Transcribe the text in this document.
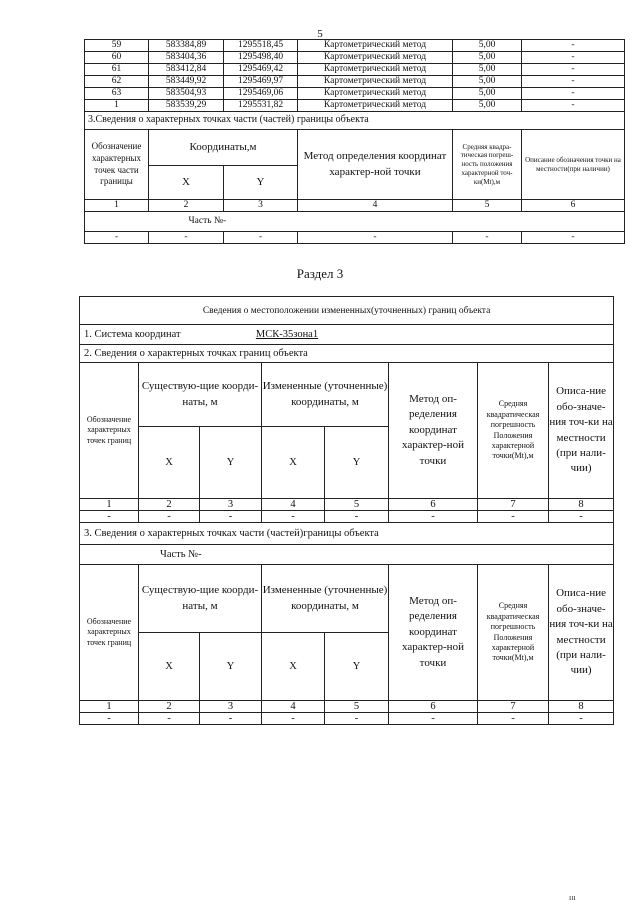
5
59	583384,89	1295518,45	Картометрический метод	5,00	-
60	583404,36	1295498,40	Картометрический метод	5,00	-
61	583412,84	1295469,42	Картометрический метод	5,00	-
62	583449,92	1295469,97	Картометрический метод	5,00	-
63	583504,93	1295469,06	Картометрический метод	5,00	-
1	583539,29	1295531,82	Картометрический метод	5,00	-
3.Сведения о характерных точках части (частей) границы объекта					
Обозначение характерных точек части границы	Координаты,м		Метод определения координат характер-ной точки	Средняя квадра-тическая погреш-ность положения характерной точ-ки(Мt),м	Описание обозначения точки на местности(при наличии)
	X	Y			
1	2	3	4	5	6
	Часть №-				
-	-	-	-	-	-
Раздел 3
Сведения о местоположении измененных(уточненных) границ объекта							
1. Система координат МСК-35зона1							
2. Сведения о характерных точках границ объекта							
Обозначение характерных точек границ	Существую-щие коорди-наты, м		Измененные (уточненные) координаты, м		Метод оп-ределения координат характер-ной точки	Средняя квадратическая погрешность Положения характерной точки(Мt),м	Описа-ние обо-значе-ния точ-ки на местности (при нали-чии)
	X	Y	X	Y			
1	2	3	4	5	6	7	8
-	-	-	-	-	-	-	-
3. Сведения о характерных точках части (частей)границы объекта							
Часть №-							
Обозначение характерных точек границ	Существую-щие коорди-наты, м		Измененные (уточненные) координаты, м		Метод оп-ределения координат характер-ной точки	Средняя квадратическая погрешность Положения характерной точки(Мt),м	Описа-ние обо-значе-ния точ-ки на местности (при нали-чии)
	X	Y	X	Y			
1	2	3	4	5	6	7	8
-	-	-	-	-	-	-	-
ııı
